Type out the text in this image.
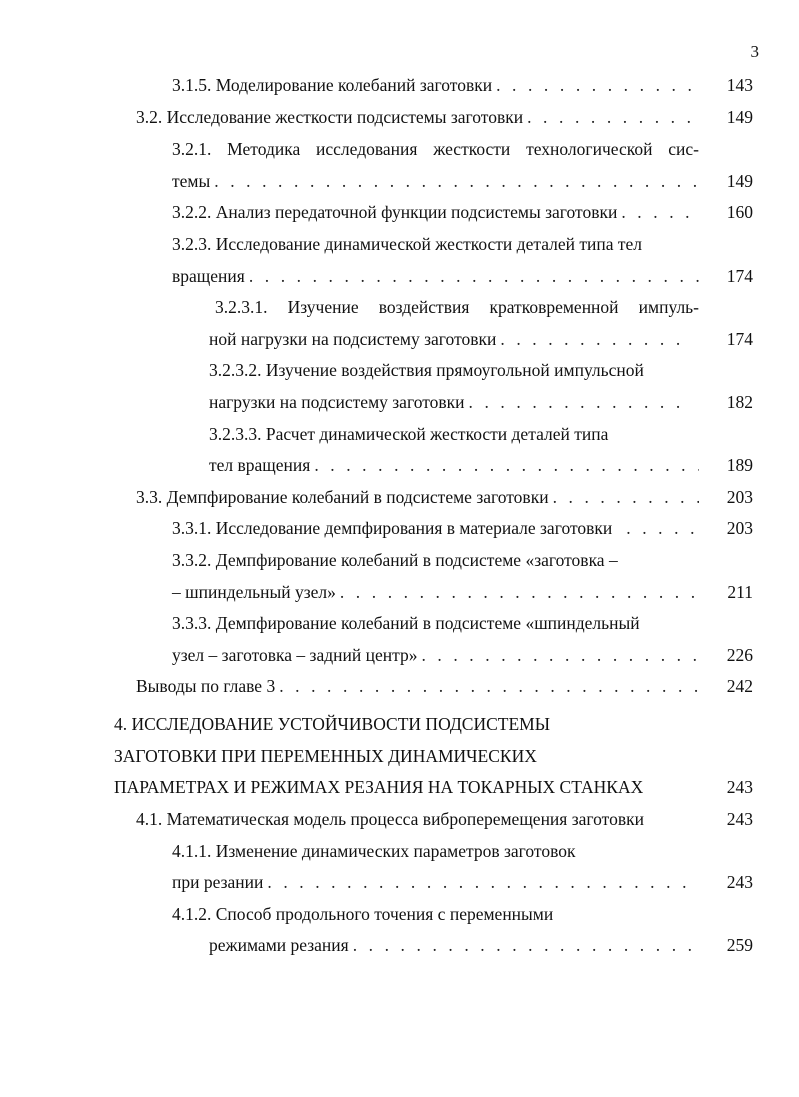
3
3.1.5. Моделирование колебаний заготовки . . .	143
3.2. Исследование жесткости подсистемы заготовки . . .	149
3.2.1. Методика исследования жесткости технологической сис-
темы . . .	149
3.2.2. Анализ передаточной функции подсистемы заготовки . . .	160
3.2.3. Исследование динамической жесткости деталей типа тел
вращения . . .	174
3.2.3.1. Изучение воздействия кратковременной импуль-
ной нагрузки на подсистему заготовки . . .	174
3.2.3.2. Изучение воздействия прямоугольной импульсной
нагрузки на подсистему заготовки . . .	182
3.2.3.3. Расчет динамической жесткости деталей типа
тел вращения . . .	189
3.3. Демпфирование колебаний в подсистеме заготовки . . .	203
3.3.1. Исследование демпфирования в материале заготовки . . .	203
3.3.2. Демпфирование колебаний в подсистеме «заготовка –
– шпиндельный узел» . . .	211
3.3.3. Демпфирование колебаний в подсистеме «шпиндельный
узел – заготовка – задний центр» . . .	226
Выводы по главе 3 . . .	242
4. ИССЛЕДОВАНИЕ УСТОЙЧИВОСТИ ПОДСИСТЕМЫ
ЗАГОТОВКИ ПРИ ПЕРЕМЕННЫХ ДИНАМИЧЕСКИХ
ПАРАМЕТРАХ И РЕЖИМАХ РЕЗАНИЯ НА ТОКАРНЫХ СТАНКАХ	243
4.1. Математическая модель процесса виброперемещения заготовки	243
4.1.1. Изменение динамических параметров заготовок
при резании . . .	243
4.1.2. Способ продольного точения с переменными
режимами резания . . .	259
